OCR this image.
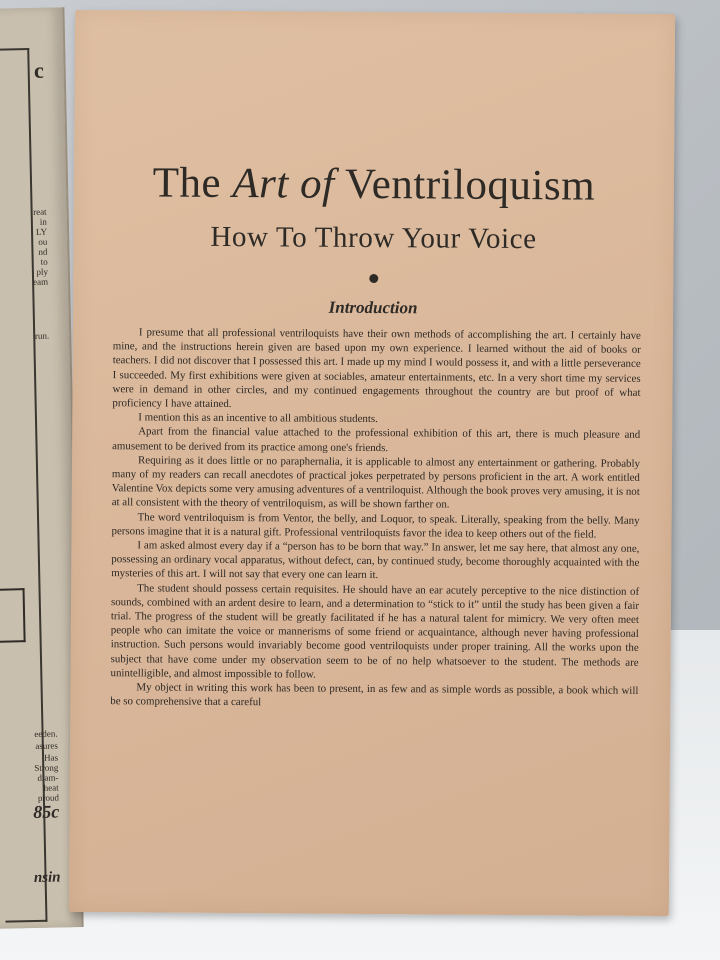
c
reat
in
LY
ou
nd
to
ply
eam
run.
eeden.
asures
Has
Strong
diam-
heat
proud
85c
nsin
The Art of Ventriloquism
How To Throw Your Voice
Introduction

I presume that all professional ventriloquists have their own methods of accomplishing the art. I certainly have mine, and the instructions herein given are based upon my own experience. I learned without the aid of books or teachers. I did not discover that I possessed this art. I made up my mind I would possess it, and with a little perseverance I succeeded. My first exhibitions were given at sociables, amateur entertainments, etc. In a very short time my services were in demand in other circles, and my continued engagements throughout the country are but proof of what proficiency I have attained.

I mention this as an incentive to all ambitious students.

Apart from the financial value attached to the professional exhibition of this art, there is much pleasure and amusement to be derived from its practice among one's friends.

Requiring as it does little or no paraphernalia, it is applicable to almost any entertainment or gathering. Probably many of my readers can recall anecdotes of practical jokes perpetrated by persons proficient in the art. A work entitled Valentine Vox depicts some very amusing adventures of a ventriloquist. Although the book proves very amusing, it is not at all consistent with the theory of ventriloquism, as will be shown farther on.

The word ventriloquism is from Ventor, the belly, and Loquor, to speak. Literally, speaking from the belly. Many persons imagine that it is a natural gift. Professional ventriloquists favor the idea to keep others out of the field.

I am asked almost every day if a “person has to be born that way.” In answer, let me say here, that almost any one, possessing an ordinary vocal apparatus, without defect, can, by continued study, become thoroughly acquainted with the mysteries of this art. I will not say that every one can learn it.

The student should possess certain requisites. He should have an ear acutely perceptive to the nice distinction of sounds, combined with an ardent desire to learn, and a determination to “stick to it” until the study has been given a fair trial. The progress of the student will be greatly facilitated if he has a natural talent for mimicry. We very often meet people who can imitate the voice or mannerisms of some friend or acquaintance, although never having professional instruction. Such persons would invariably become good ventriloquists under proper training. All the works upon the subject that have come under my observation seem to be of no help whatsoever to the student. The methods are unintelligible, and almost impossible to follow.

My object in writing this work has been to present, in as few and as simple words as possible, a book which will be so comprehensive that a careful
